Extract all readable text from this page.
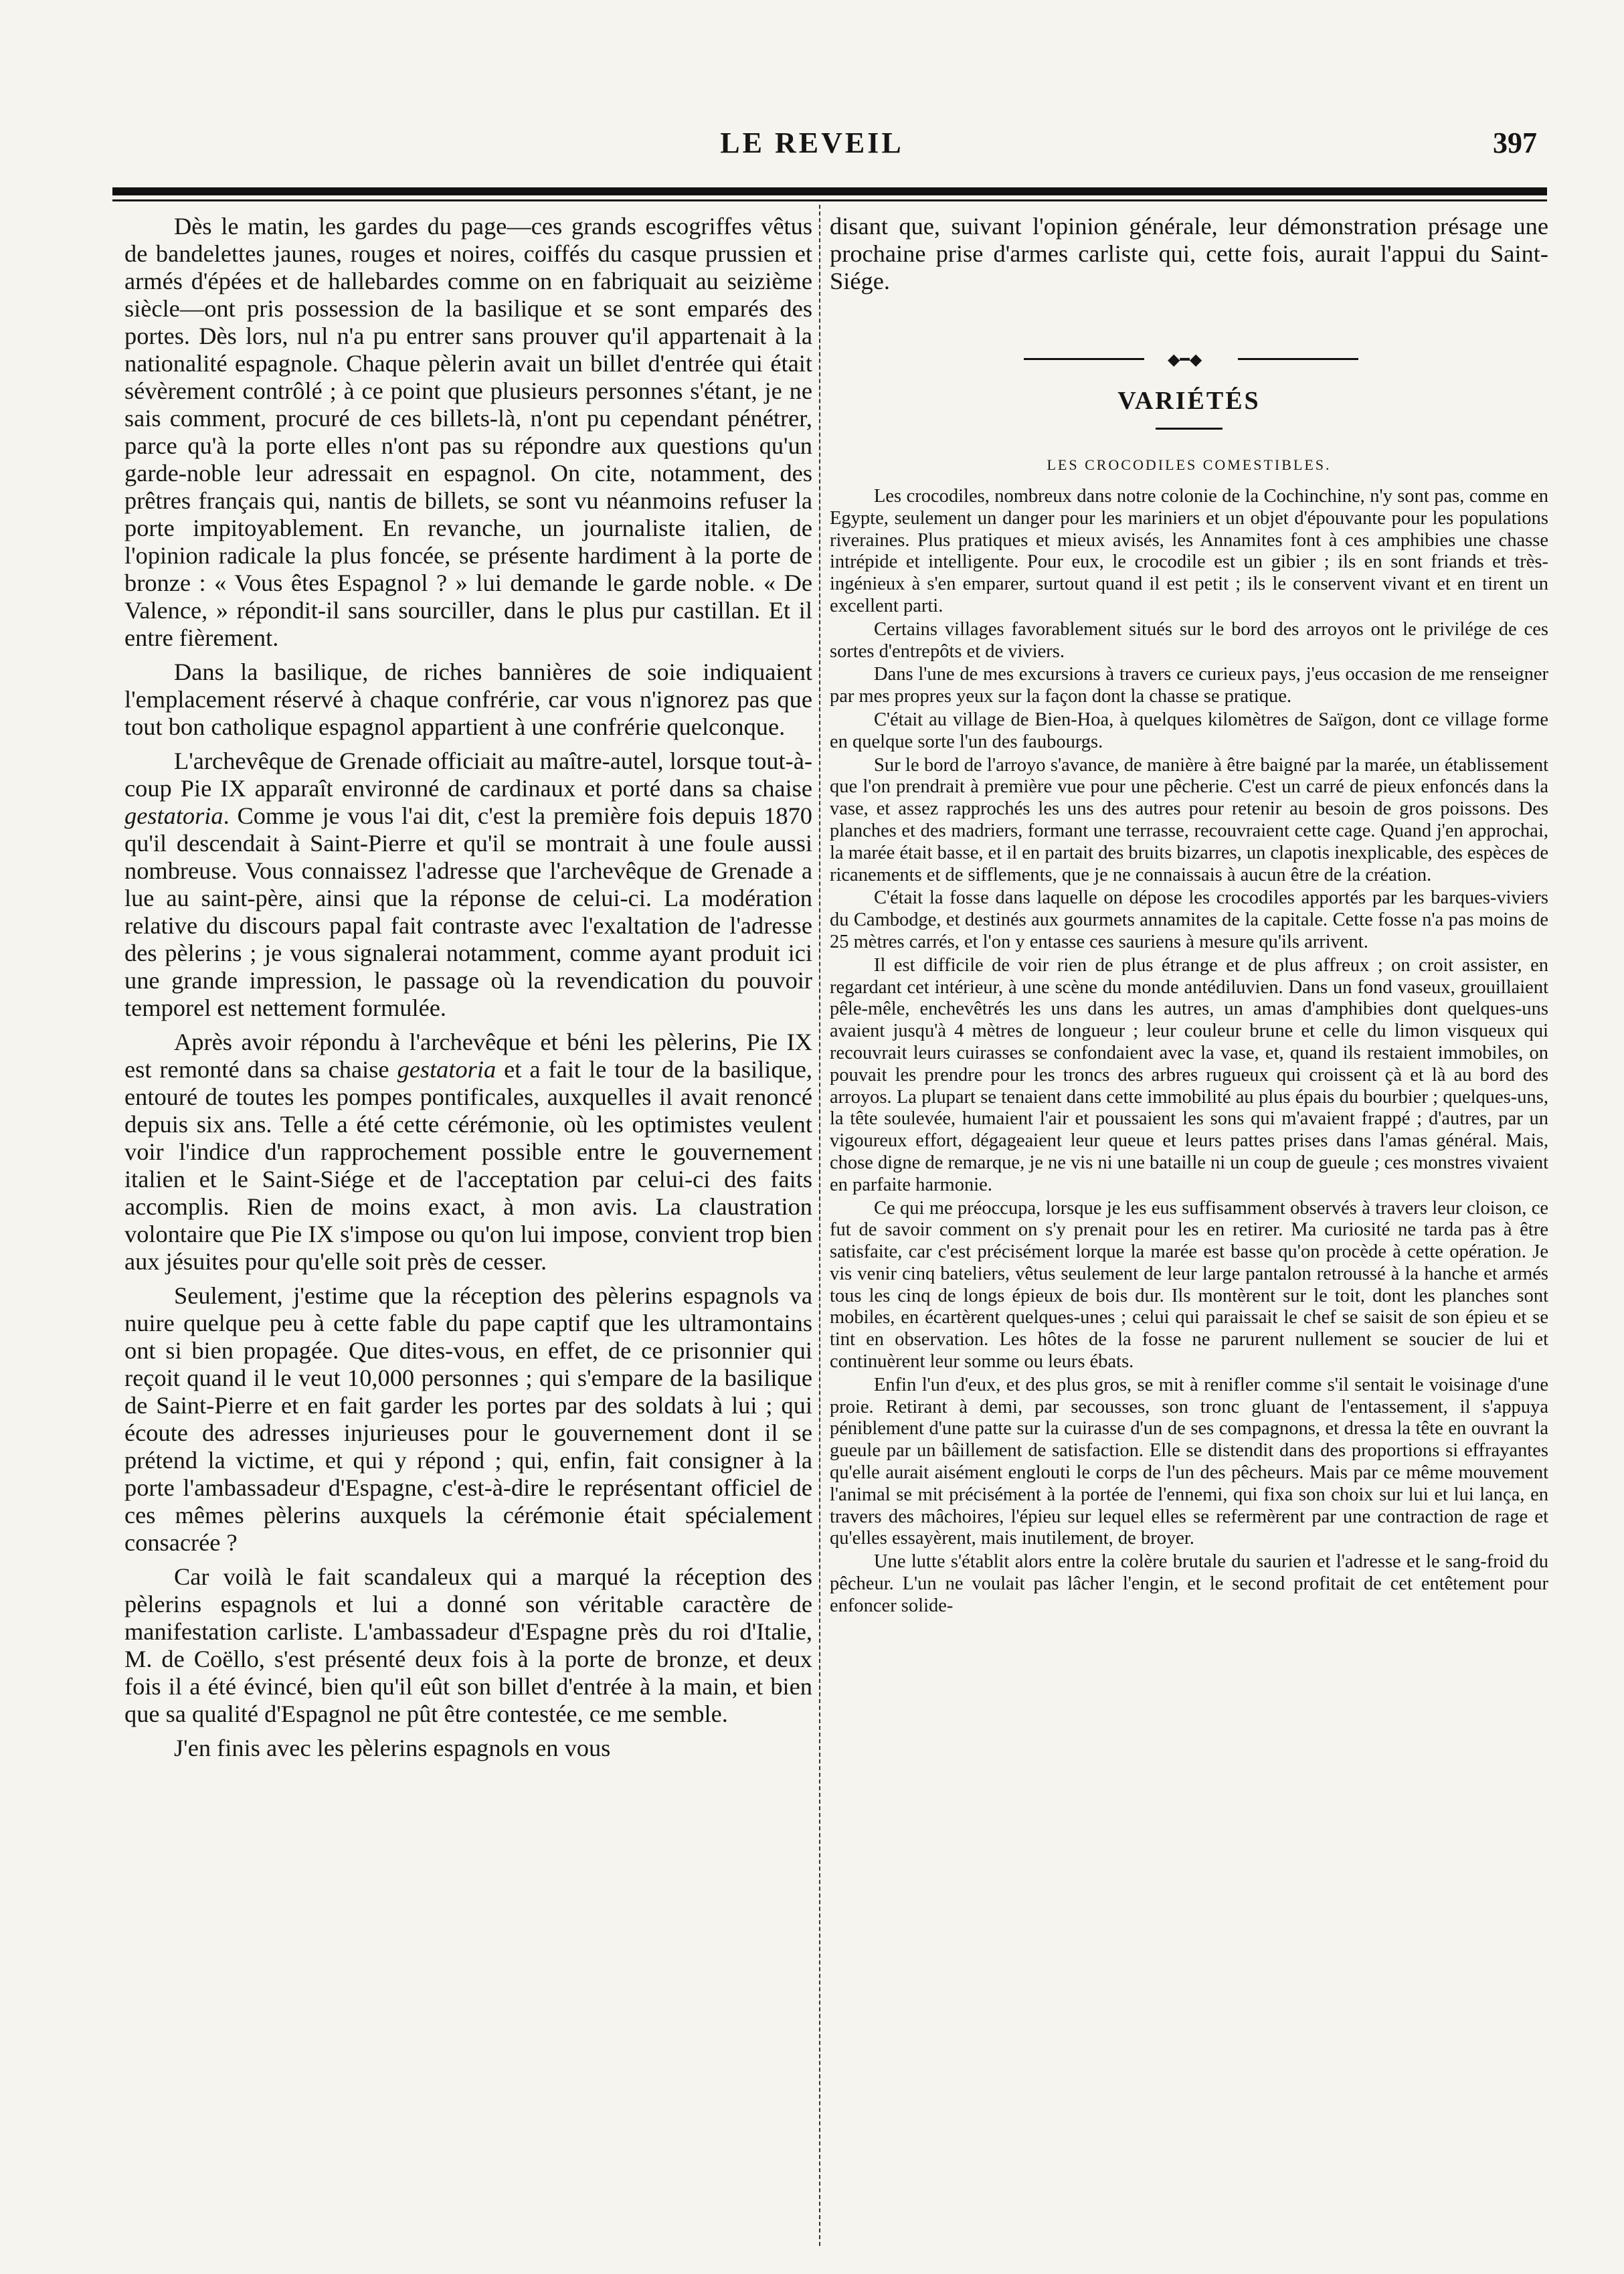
LE REVEIL	397

Dès le matin, les gardes du page—ces grands escogriffes vêtus de bandelettes jaunes, rouges et noires, coiffés du casque prussien et armés d'épées et de hallebardes comme on en fabriquait au seizième siècle—ont pris possession de la basilique et se sont emparés des portes. Dès lors, nul n'a pu entrer sans prouver qu'il appartenait à la nationalité espagnole. Chaque pèlerin avait un billet d'entrée qui était sévèrement contrôlé ; à ce point que plusieurs personnes s'étant, je ne sais comment, procuré de ces billets-là, n'ont pu cependant pénétrer, parce qu'à la porte elles n'ont pas su répondre aux questions qu'un garde-noble leur adressait en espagnol. On cite, notamment, des prêtres français qui, nantis de billets, se sont vu néanmoins refuser la porte impitoyablement. En revanche, un journaliste italien, de l'opinion radicale la plus foncée, se présente hardiment à la porte de bronze : « Vous êtes Espagnol ? » lui demande le garde noble. « De Valence, » répondit-il sans sourciller, dans le plus pur castillan. Et il entre fièrement.

Dans la basilique, de riches bannières de soie indiquaient l'emplacement réservé à chaque confrérie, car vous n'ignorez pas que tout bon catholique espagnol appartient à une confrérie quelconque.

L'archevêque de Grenade officiait au maître-autel, lorsque tout-à-coup Pie IX apparaît environné de cardinaux et porté dans sa chaise gestatoria. Comme je vous l'ai dit, c'est la première fois depuis 1870 qu'il descendait à Saint-Pierre et qu'il se montrait à une foule aussi nombreuse. Vous connaissez l'adresse que l'archevêque de Grenade a lue au saint-père, ainsi que la réponse de celui-ci. La modération relative du discours papal fait contraste avec l'exaltation de l'adresse des pèlerins ; je vous signalerai notamment, comme ayant produit ici une grande impression, le passage où la revendication du pouvoir temporel est nettement formulée.

Après avoir répondu à l'archevêque et béni les pèlerins, Pie IX est remonté dans sa chaise gestatoria et a fait le tour de la basilique, entouré de toutes les pompes pontificales, auxquelles il avait renoncé depuis six ans. Telle a été cette cérémonie, où les optimistes veulent voir l'indice d'un rapprochement possible entre le gouvernement italien et le Saint-Siége et de l'acceptation par celui-ci des faits accomplis. Rien de moins exact, à mon avis. La claustration volontaire que Pie IX s'impose ou qu'on lui impose, convient trop bien aux jésuites pour qu'elle soit près de cesser.

Seulement, j'estime que la réception des pèlerins espagnols va nuire quelque peu à cette fable du pape captif que les ultramontains ont si bien propagée. Que dites-vous, en effet, de ce prisonnier qui reçoit quand il le veut 10,000 personnes ; qui s'empare de la basilique de Saint-Pierre et en fait garder les portes par des soldats à lui ; qui écoute des adresses injurieuses pour le gouvernement dont il se prétend la victime, et qui y répond ; qui, enfin, fait consigner à la porte l'ambassadeur d'Espagne, c'est-à-dire le représentant officiel de ces mêmes pèlerins auxquels la cérémonie était spécialement consacrée ?

Car voilà le fait scandaleux qui a marqué la réception des pèlerins espagnols et lui a donné son véritable caractère de manifestation carliste. L'ambassadeur d'Espagne près du roi d'Italie, M. de Coëllo, s'est présenté deux fois à la porte de bronze, et deux fois il a été évincé, bien qu'il eût son billet d'entrée à la main, et bien que sa qualité d'Espagnol ne pût être contestée, ce me semble.

J'en finis avec les pèlerins espagnols en vous

disant que, suivant l'opinion générale, leur démonstration présage une prochaine prise d'armes carliste qui, cette fois, aurait l'appui du Saint-Siége.

◆━◆
VARIÉTÉS
LES CROCODILES COMESTIBLES.

Les crocodiles, nombreux dans notre colonie de la Cochinchine, n'y sont pas, comme en Egypte, seulement un danger pour les mariniers et un objet d'épouvante pour les populations riveraines. Plus pratiques et mieux avisés, les Annamites font à ces amphibies une chasse intrépide et intelligente. Pour eux, le crocodile est un gibier ; ils en sont friands et très-ingénieux à s'en emparer, surtout quand il est petit ; ils le conservent vivant et en tirent un excellent parti.

Certains villages favorablement situés sur le bord des arroyos ont le privilége de ces sortes d'entrepôts et de viviers.

Dans l'une de mes excursions à travers ce curieux pays, j'eus occasion de me renseigner par mes propres yeux sur la façon dont la chasse se pratique.

C'était au village de Bien-Hoa, à quelques kilomètres de Saïgon, dont ce village forme en quelque sorte l'un des faubourgs.

Sur le bord de l'arroyo s'avance, de manière à être baigné par la marée, un établissement que l'on prendrait à première vue pour une pêcherie. C'est un carré de pieux enfoncés dans la vase, et assez rapprochés les uns des autres pour retenir au besoin de gros poissons. Des planches et des madriers, formant une terrasse, recouvraient cette cage. Quand j'en approchai, la marée était basse, et il en partait des bruits bizarres, un clapotis inexplicable, des espèces de ricanements et de sifflements, que je ne connaissais à aucun être de la création.

C'était la fosse dans laquelle on dépose les crocodiles apportés par les barques-viviers du Cambodge, et destinés aux gourmets annamites de la capitale. Cette fosse n'a pas moins de 25 mètres carrés, et l'on y entasse ces sauriens à mesure qu'ils arrivent.

Il est difficile de voir rien de plus étrange et de plus affreux ; on croit assister, en regardant cet intérieur, à une scène du monde antédiluvien. Dans un fond vaseux, grouillaient pêle-mêle, enchevêtrés les uns dans les autres, un amas d'amphibies dont quelques-uns avaient jusqu'à 4 mètres de longueur ; leur couleur brune et celle du limon visqueux qui recouvrait leurs cuirasses se confondaient avec la vase, et, quand ils restaient immobiles, on pouvait les prendre pour les troncs des arbres rugueux qui croissent çà et là au bord des arroyos. La plupart se tenaient dans cette immobilité au plus épais du bourbier ; quelques-uns, la tête soulevée, humaient l'air et poussaient les sons qui m'avaient frappé ; d'autres, par un vigoureux effort, dégageaient leur queue et leurs pattes prises dans l'amas général. Mais, chose digne de remarque, je ne vis ni une bataille ni un coup de gueule ; ces monstres vivaient en parfaite harmonie.

Ce qui me préoccupa, lorsque je les eus suffisamment observés à travers leur cloison, ce fut de savoir comment on s'y prenait pour les en retirer. Ma curiosité ne tarda pas à être satisfaite, car c'est précisément lorque la marée est basse qu'on procède à cette opération. Je vis venir cinq bateliers, vêtus seulement de leur large pantalon retroussé à la hanche et armés tous les cinq de longs épieux de bois dur. Ils montèrent sur le toit, dont les planches sont mobiles, en écartèrent quelques-unes ; celui qui paraissait le chef se saisit de son épieu et se tint en observation. Les hôtes de la fosse ne parurent nullement se soucier de lui et continuèrent leur somme ou leurs ébats.

Enfin l'un d'eux, et des plus gros, se mit à renifler comme s'il sentait le voisinage d'une proie. Retirant à demi, par secousses, son tronc gluant de l'entassement, il s'appuya péniblement d'une patte sur la cuirasse d'un de ses compagnons, et dressa la tête en ouvrant la gueule par un bâillement de satisfaction. Elle se distendit dans des proportions si effrayantes qu'elle aurait aisément englouti le corps de l'un des pêcheurs. Mais par ce même mouvement l'animal se mit précisément à la portée de l'ennemi, qui fixa son choix sur lui et lui lança, en travers des mâchoires, l'épieu sur lequel elles se refermèrent par une contraction de rage et qu'elles essayèrent, mais inutilement, de broyer.

Une lutte s'établit alors entre la colère brutale du saurien et l'adresse et le sang-froid du pêcheur. L'un ne voulait pas lâcher l'engin, et le second profitait de cet entêtement pour enfoncer solide-
